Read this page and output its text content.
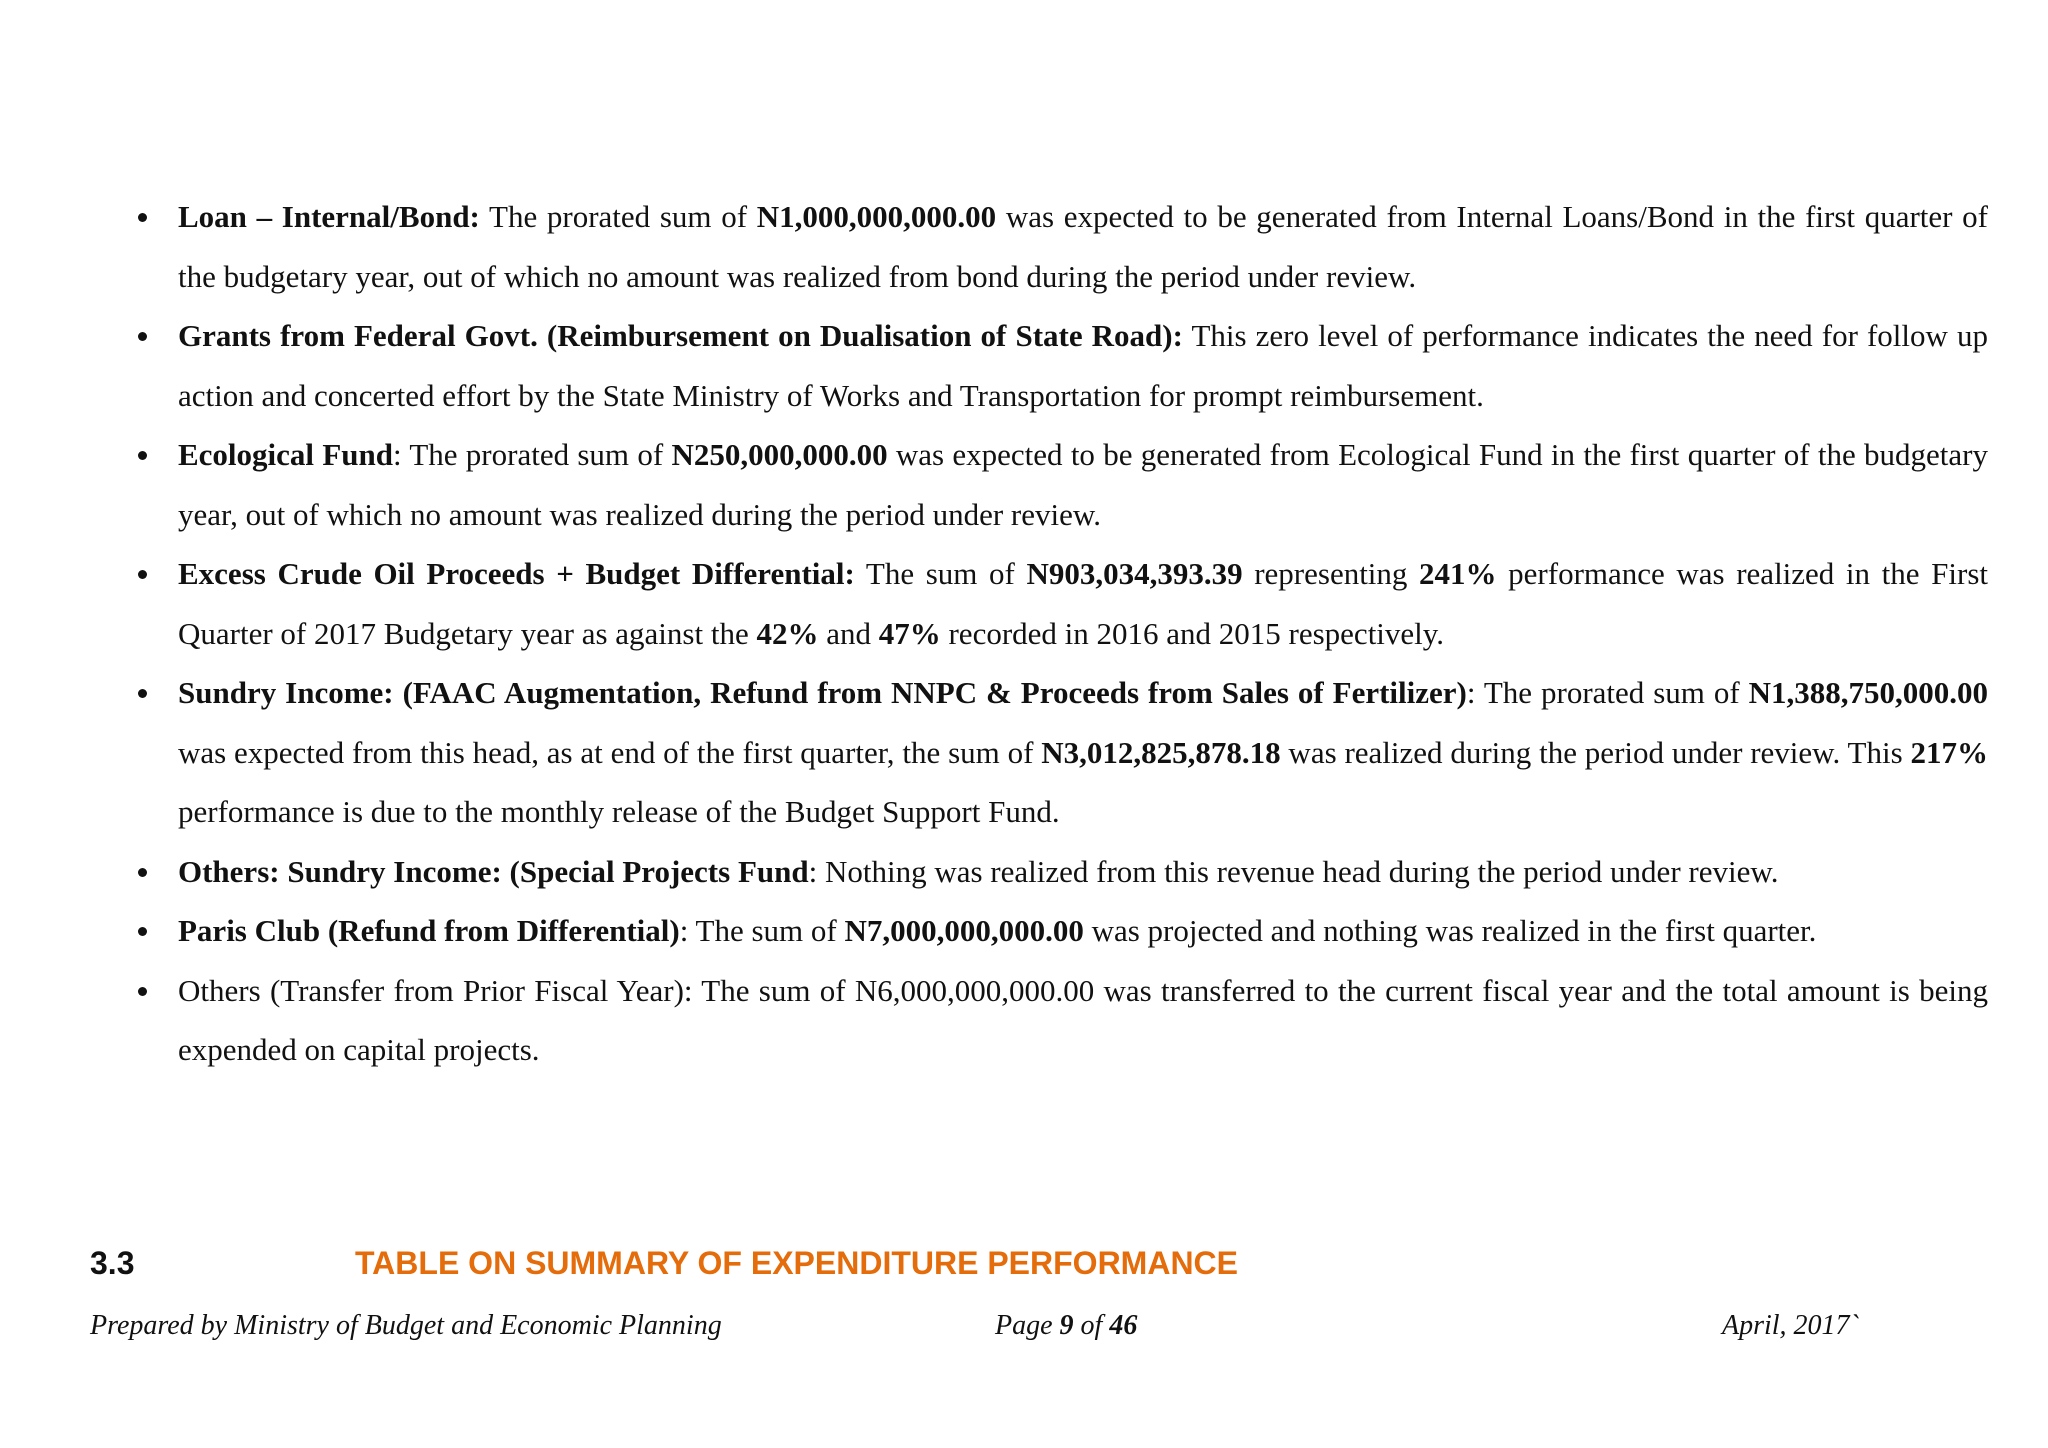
Loan – Internal/Bond: The prorated sum of N1,000,000,000.00 was expected to be generated from Internal Loans/Bond in the first quarter of the budgetary year, out of which no amount was realized from bond during the period under review.
Grants from Federal Govt. (Reimbursement on Dualisation of State Road): This zero level of performance indicates the need for follow up action and concerted effort by the State Ministry of Works and Transportation for prompt reimbursement.
Ecological Fund: The prorated sum of N250,000,000.00 was expected to be generated from Ecological Fund in the first quarter of the budgetary year, out of which no amount was realized during the period under review.
Excess Crude Oil Proceeds + Budget Differential: The sum of N903,034,393.39 representing 241% performance was realized in the First Quarter of 2017 Budgetary year as against the 42% and 47% recorded in 2016 and 2015 respectively.
Sundry Income: (FAAC Augmentation, Refund from NNPC & Proceeds from Sales of Fertilizer): The prorated sum of N1,388,750,000.00 was expected from this head, as at end of the first quarter, the sum of N3,012,825,878.18 was realized during the period under review. This 217% performance is due to the monthly release of the Budget Support Fund.
Others: Sundry Income: (Special Projects Fund: Nothing was realized from this revenue head during the period under review.
Paris Club (Refund from Differential): The sum of N7,000,000,000.00 was projected and nothing was realized in the first quarter.
Others (Transfer from Prior Fiscal Year): The sum of N6,000,000,000.00 was transferred to the current fiscal year and the total amount is being expended on capital projects.
3.3	TABLE ON SUMMARY OF EXPENDITURE PERFORMANCE
Prepared by Ministry of Budget and Economic Planning	Page 9 of 46	April, 2017`
